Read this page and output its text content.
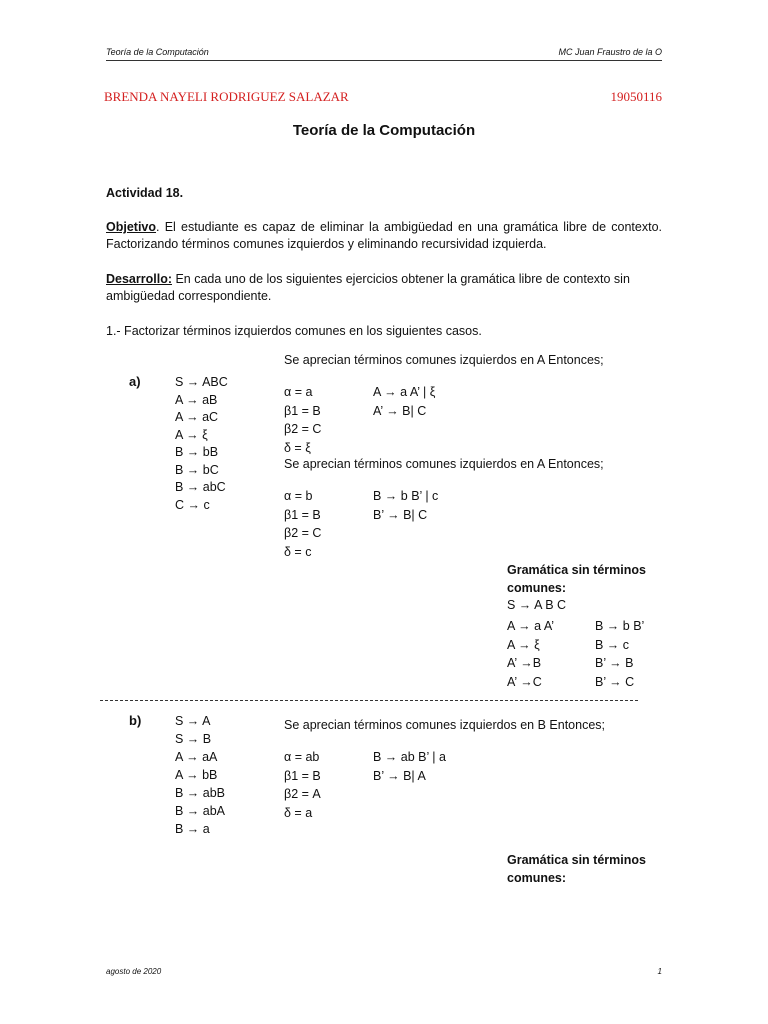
Teoría de la Computación	MC Juan Fraustro de la O
BRENDA NAYELI RODRIGUEZ SALAZAR	19050116
Teoría de la Computación
Actividad 18.
Objetivo. El estudiante es capaz de eliminar la ambigüedad en una gramática libre de contexto. Factorizando términos comunes izquierdos y eliminando recursividad izquierda.
Desarrollo: En cada uno de los siguientes ejercicios obtener la gramática libre de contexto sin ambigüedad correspondiente.
1.- Factorizar términos izquierdos comunes en los siguientes casos.
a)	S → ABC
A → aB
A → aC
A → ξ
B → bB
B → bC
B → abC
C → c
Se aprecian términos comunes izquierdos en A Entonces;
α = a
β1 = B
β2 = C
δ = ξ
A → a A’ | ξ
A’ → B| C
Se aprecian términos comunes izquierdos en A Entonces;
α = b
β1 = B
β2 = C
δ = c
B → b B’ | c
B’ → B| C
Gramática sin términos
comunes:
S → A B C
A → a A’
A → ξ
A’ →B
A’ →C
B → b B’
B → c
B’ → B
B’ → C
b)	S → A
S → B
A → aA
A → bB
B → abB
B → abA
B → a
Se aprecian términos comunes izquierdos en B Entonces;
α = ab
β1 = B
β2 = A
δ = a
B → ab B’ | a
B’ → B| A
Gramática sin términos
comunes:
agosto de 2020	1
